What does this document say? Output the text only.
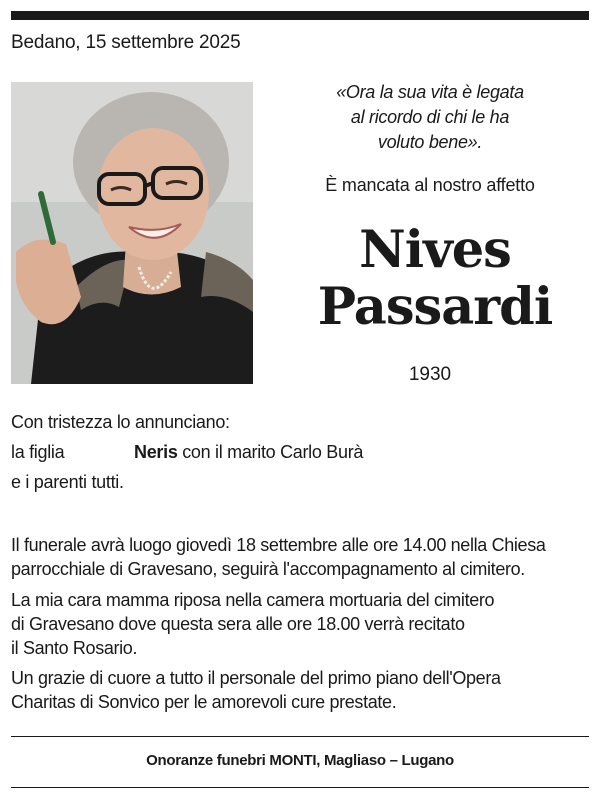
Bedano, 15 settembre 2025
«Ora la sua vita è legata
al ricordo di chi le ha
voluto bene».
È mancata al nostro affetto
Nives
Passardi
1930
Con tristezza lo annunciano:
la figlia	Neris con il marito Carlo Burà
e i parenti tutti.
Il funerale avrà luogo giovedì 18 settembre alle ore 14.00 nella Chiesa
parrocchiale di Gravesano, seguirà l'accompagnamento al cimitero.
La mia cara mamma riposa nella camera mortuaria del cimitero
di Gravesano dove questa sera alle ore 18.00 verrà recitato
il Santo Rosario.
Un grazie di cuore a tutto il personale del primo piano dell'Opera
Charitas di Sonvico per le amorevoli cure prestate.
Onoranze funebri MONTI, Magliaso – Lugano
